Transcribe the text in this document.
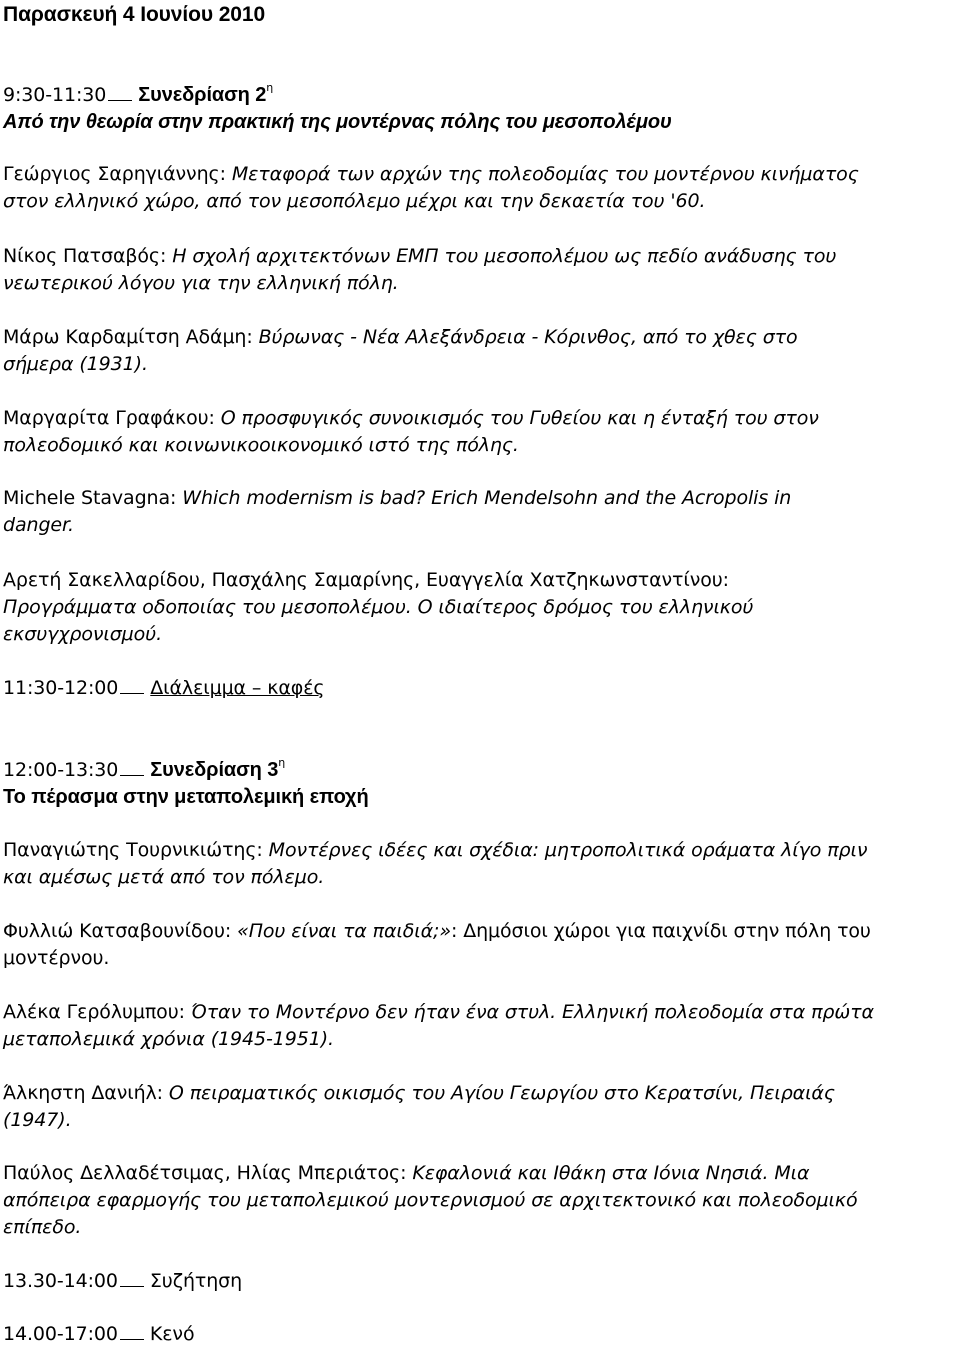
Παρασκευή 4 Ιουνίου 2010
9:30-11:30 Συνεδρίαση $2^\eta$
Από την θεωρία στην πρακτική της μοντέρνας πόλης του μεσοπολέμου
Γεώργιος Σαρηγιάννης: Μεταφορά των αρχών της πολεοδομίας του μοντέρνου κινήματος
στον ελληνικό χώρο, από τον μεσοπόλεμο μέχρι και την δεκαετία του '60.
Νίκος Πατσαβός: Η σχολή αρχιτεκτόνων ΕΜΠ του μεσοπολέμου ως πεδίο ανάδυσης του
νεωτερικού λόγου για την ελληνική πόλη.
Μάρω Καρδαμίτση Αδάμη: Βύρωνας - Νέα Αλεξάνδρεια - Κόρινθος, από το χθες στο
σήμερα (1931).
Μαργαρίτα Γραφάκου: Ο προσφυγικός συνοικισμός του Γυθείου και η ένταξή του στον
πολεοδομικό και κοινωνικοοικονομικό ιστό της πόλης.
Michele Stavagna: Which modernism is bad? Erich Mendelsohn and the Acropolis in
danger.
Αρετή Σακελλαρίδου, Πασχάλης Σαμαρίνης, Ευαγγελία Χατζηκωνσταντίνου:
Προγράμματα οδοποιίας του μεσοπολέμου. Ο ιδιαίτερος δρόμος του ελληνικού
εκσυγχρονισμού.
11:30-12:00 Διάλειμμα – καφές
12:00-13:30 Συνεδρίαση $3^\eta$
Το πέρασμα στην μεταπολεμική εποχή
Παναγιώτης Τουρνικιώτης: Μοντέρνες ιδέες και σχέδια: μητροπολιτικά οράματα λίγο πριν
και αμέσως μετά από τον πόλεμο.
Φυλλιώ Κατσαβουνίδου: «Που είναι τα παιδιά;»: Δημόσιοι χώροι για παιχνίδι στην πόλη του
μοντέρνου.
Αλέκα Γερόλυμπου: Όταν το Μοντέρνο δεν ήταν ένα στυλ. Ελληνική πολεοδομία στα πρώτα
μεταπολεμικά χρόνια (1945-1951).
Άλκηστη Δανιήλ: Ο πειραματικός οικισμός του Αγίου Γεωργίου στο Κερατσίνι, Πειραιάς
(1947).
Παύλος Δελλαδέτσιμας, Ηλίας Μπεριάτος: Κεφαλονιά και Ιθάκη στα Ιόνια Νησιά. Μια
απόπειρα εφαρμογής του μεταπολεμικού μοντερνισμού σε αρχιτεκτονικό και πολεοδομικό
επίπεδο.
13.30-14:00 Συζήτηση
14.00-17:00 Κενό
